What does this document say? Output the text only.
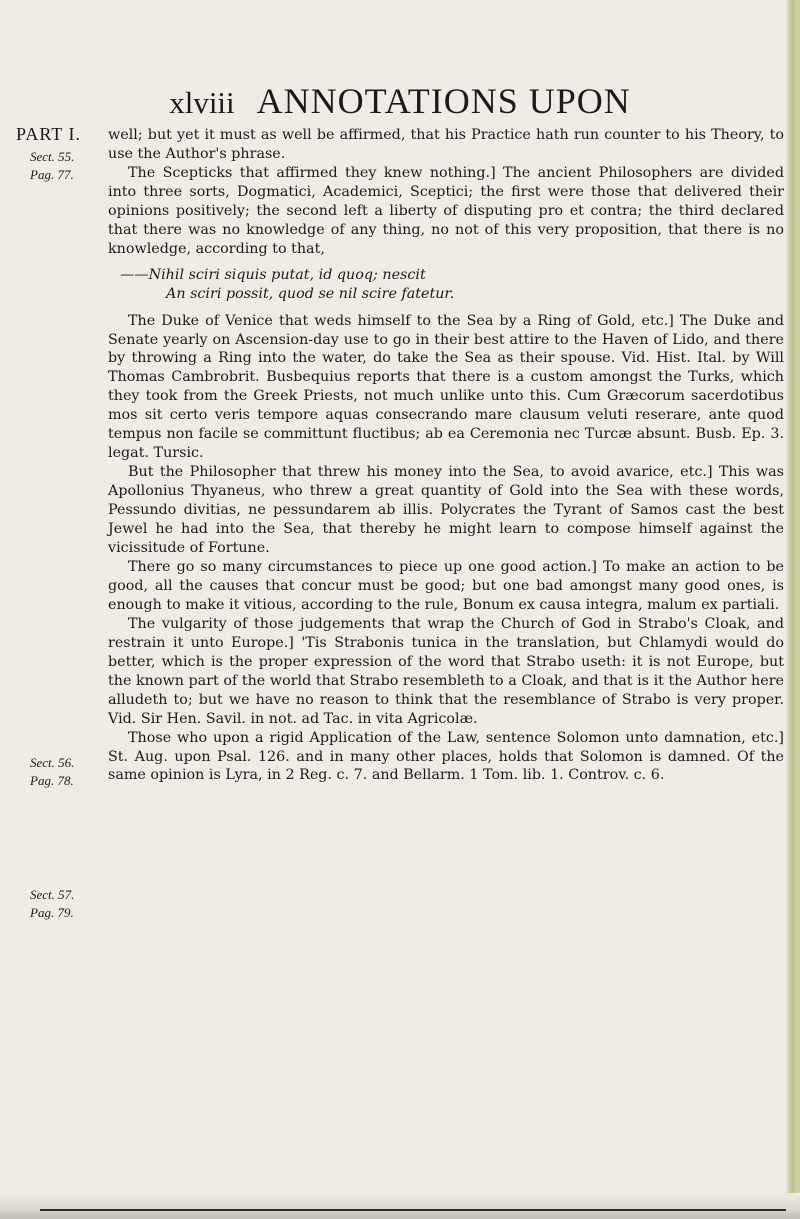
xlviii ANNOTATIONS UPON
PART I.
Sect. 55.
Pag. 77.
Sect. 56.
Pag. 78.
Sect. 57.
Pag. 79.

well; but yet it must as well be affirmed, that his Practice hath run counter to his Theory, to use the Author's phrase.

The Scepticks that affirmed they knew nothing.] The ancient Philosophers are divided into three sorts, Dogmatici, Academici, Sceptici; the first were those that delivered their opinions positively; the second left a liberty of disputing pro et contra; the third declared that there was no knowledge of any thing, no not of this very proposition, that there is no knowledge, according to that,

——Nihil sciri siquis putat, id quoq; nescit
An sciri possit, quod se nil scire fatetur.

The Duke of Venice that weds himself to the Sea by a Ring of Gold, etc.] The Duke and Senate yearly on Ascension-day use to go in their best attire to the Haven of Lido, and there by throwing a Ring into the water, do take the Sea as their spouse. Vid. Hist. Ital. by Will Thomas Cambrobrit. Busbequius reports that there is a custom amongst the Turks, which they took from the Greek Priests, not much unlike unto this. Cum Græcorum sacerdotibus mos sit certo veris tempore aquas consecrando mare clausum veluti reserare, ante quod tempus non facile se committunt fluctibus; ab ea Ceremonia nec Turcæ absunt. Busb. Ep. 3. legat. Tursic.

But the Philosopher that threw his money into the Sea, to avoid avarice, etc.] This was Apollonius Thyaneus, who threw a great quantity of Gold into the Sea with these words, Pessundo divitias, ne pessundarem ab illis. Polycrates the Tyrant of Samos cast the best Jewel he had into the Sea, that thereby he might learn to compose himself against the vicissitude of Fortune.

There go so many circumstances to piece up one good action.] To make an action to be good, all the causes that concur must be good; but one bad amongst many good ones, is enough to make it vitious, according to the rule, Bonum ex causa integra, malum ex partiali.

The vulgarity of those judgements that wrap the Church of God in Strabo's Cloak, and restrain it unto Europe.] 'Tis Strabonis tunica in the translation, but Chlamydi would do better, which is the proper expression of the word that Strabo useth: it is not Europe, but the known part of the world that Strabo resembleth to a Cloak, and that is it the Author here alludeth to; but we have no reason to think that the resemblance of Strabo is very proper. Vid. Sir Hen. Savil. in not. ad Tac. in vita Agricolæ.

Those who upon a rigid Application of the Law, sentence Solomon unto damnation, etc.] St. Aug. upon Psal. 126. and in many other places, holds that Solomon is damned. Of the same opinion is Lyra, in 2 Reg. c. 7. and Bellarm. 1 Tom. lib. 1. Controv. c. 6.
